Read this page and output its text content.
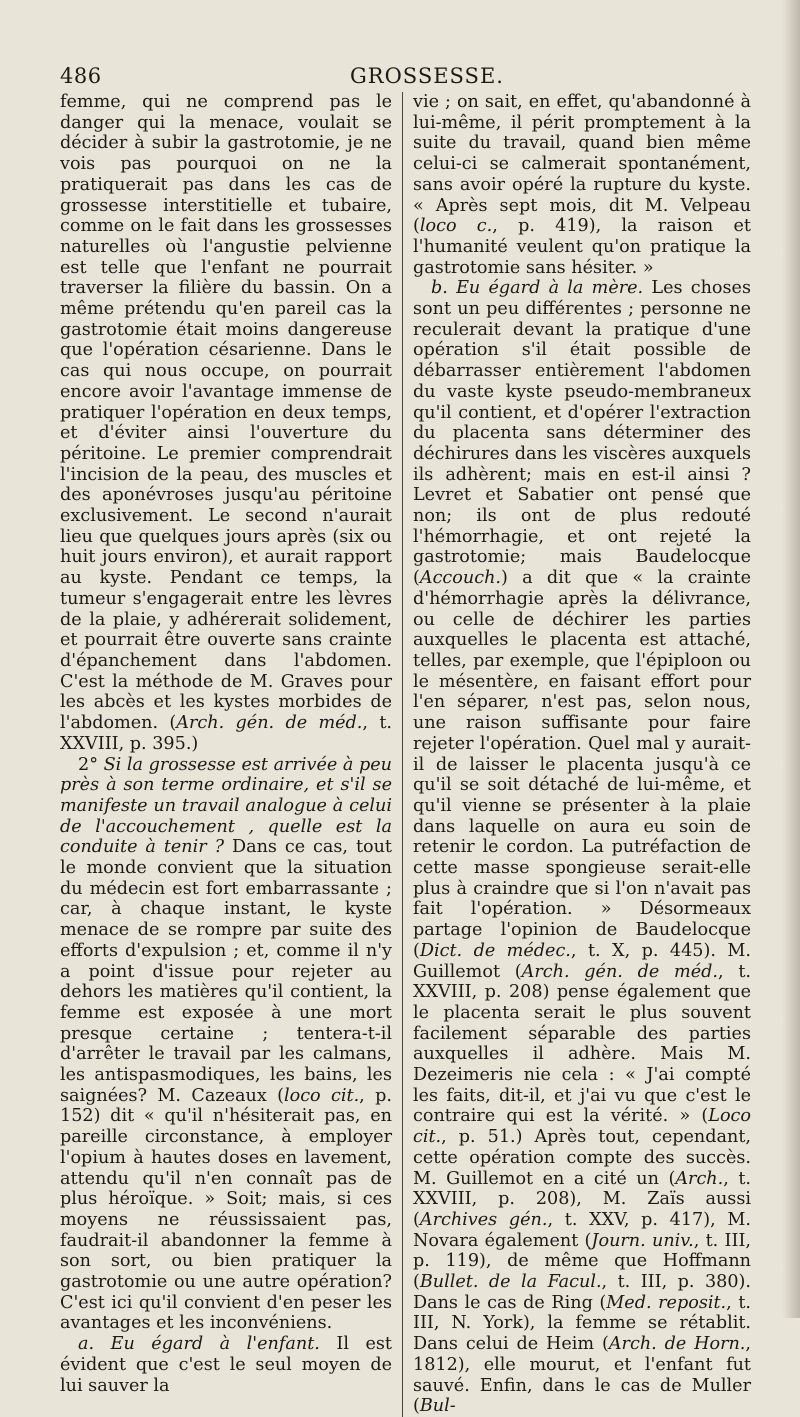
486	GROSSESSE.

femme, qui ne comprend pas le danger qui la menace, voulait se décider à subir la gastrotomie, je ne vois pas pourquoi on ne la pratiquerait pas dans les cas de grossesse interstitielle et tubaire, comme on le fait dans les grossesses naturelles où l'angustie pelvienne est telle que l'enfant ne pourrait traverser la filière du bassin. On a même prétendu qu'en pareil cas la gastrotomie était moins dangereuse que l'opération césarienne. Dans le cas qui nous occupe, on pourrait encore avoir l'avantage immense de pratiquer l'opération en deux temps, et d'éviter ainsi l'ouverture du péritoine. Le premier comprendrait l'incision de la peau, des muscles et des aponévroses jusqu'au péritoine exclusivement. Le second n'aurait lieu que quelques jours après (six ou huit jours environ), et aurait rapport au kyste. Pendant ce temps, la tumeur s'engagerait entre les lèvres de la plaie, y adhérerait solidement, et pourrait être ouverte sans crainte d'épanchement dans l'abdomen. C'est la méthode de M. Graves pour les abcès et les kystes morbides de l'abdomen. (Arch. gén. de méd., t. XXVIII, p. 395.)

2° Si la grossesse est arrivée à peu près à son terme ordinaire, et s'il se manifeste un travail analogue à celui de l'accouchement , quelle est la conduite à tenir ? Dans ce cas, tout le monde convient que la situation du médecin est fort embarrassante ; car, à chaque instant, le kyste menace de se rompre par suite des efforts d'expulsion ; et, comme il n'y a point d'issue pour rejeter au dehors les matières qu'il contient, la femme est exposée à une mort presque certaine ; tentera-t-il d'arrêter le travail par les calmans, les antispasmodiques, les bains, les saignées? M. Cazeaux (loco cit., p. 152) dit « qu'il n'hésiterait pas, en pareille circonstance, à employer l'opium à hautes doses en lavement, attendu qu'il n'en connaît pas de plus héroïque. » Soit; mais, si ces moyens ne réussissaient pas, faudrait-il abandonner la femme à son sort, ou bien pratiquer la gastrotomie ou une autre opération? C'est ici qu'il convient d'en peser les avantages et les inconvéniens.

a. Eu égard à l'enfant. Il est évident que c'est le seul moyen de lui sauver la

vie ; on sait, en effet, qu'abandonné à lui-même, il périt promptement à la suite du travail, quand bien même celui-ci se calmerait spontanément, sans avoir opéré la rupture du kyste. « Après sept mois, dit M. Velpeau (loco c., p. 419), la raison et l'humanité veulent qu'on pratique la gastrotomie sans hésiter. »

b. Eu égard à la mère. Les choses sont un peu différentes ; personne ne reculerait devant la pratique d'une opération s'il était possible de débarrasser entièrement l'abdomen du vaste kyste pseudo-membraneux qu'il contient, et d'opérer l'extraction du placenta sans déterminer des déchirures dans les viscères auxquels ils adhèrent; mais en est-il ainsi ? Levret et Sabatier ont pensé que non; ils ont de plus redouté l'hémorrhagie, et ont rejeté la gastrotomie; mais Baudelocque (Accouch.) a dit que « la crainte d'hémorrhagie après la délivrance, ou celle de déchirer les parties auxquelles le placenta est attaché, telles, par exemple, que l'épiploon ou le mésentère, en faisant effort pour l'en séparer, n'est pas, selon nous, une raison suffisante pour faire rejeter l'opération. Quel mal y aurait-il de laisser le placenta jusqu'à ce qu'il se soit détaché de lui-même, et qu'il vienne se présenter à la plaie dans laquelle on aura eu soin de retenir le cordon. La putréfaction de cette masse spongieuse serait-elle plus à craindre que si l'on n'avait pas fait l'opération. » Désormeaux partage l'opinion de Baudelocque (Dict. de médec., t. X, p. 445). M. Guillemot (Arch. gén. de méd., t. XXVIII, p. 208) pense également que le placenta serait le plus souvent facilement séparable des parties auxquelles il adhère. Mais M. Dezeimeris nie cela : « J'ai compté les faits, dit-il, et j'ai vu que c'est le contraire qui est la vérité. » (Loco cit., p. 51.) Après tout, cependant, cette opération compte des succès. M. Guillemot en a cité un (Arch., t. XXVIII, p. 208), M. Zaïs aussi (Archives gén., t. XXV, p. 417), M. Novara également (Journ. univ., t. III, p. 119), de même que Hoffmann (Bullet. de la Facul., t. III, p. 380). Dans le cas de Ring (Med. reposit., t. III, N. York), la femme se rétablit. Dans celui de Heim (Arch. de Horn., 1812), elle mourut, et l'enfant fut sauvé. Enfin, dans le cas de Muller (Bul-
